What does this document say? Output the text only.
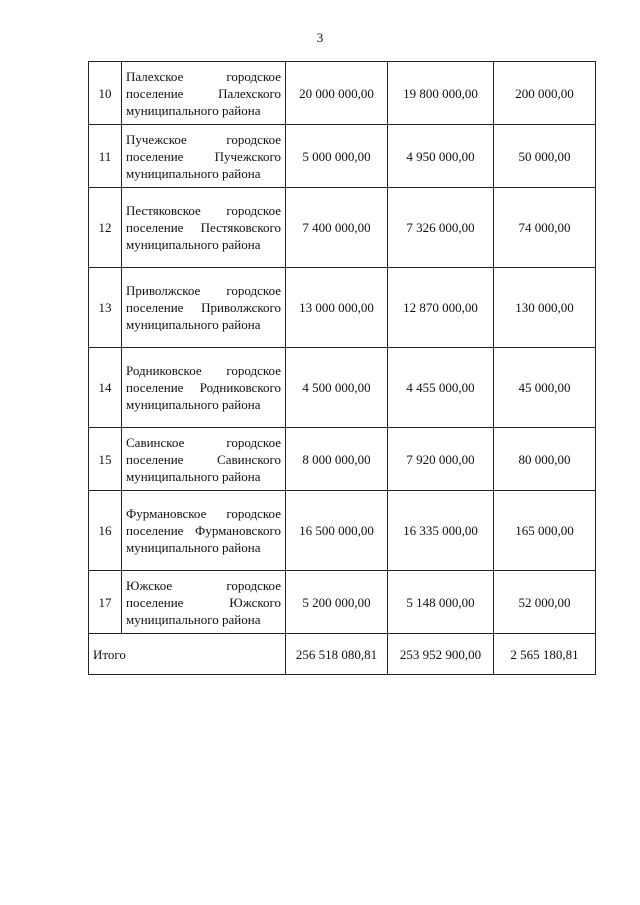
3
10	Палехское городское поселение Палехского муниципального района	20 000 000,00	19 800 000,00	200 000,00
11	Пучежское городское поселение Пучежского муниципального района	5 000 000,00	4 950 000,00	50 000,00
12	Пестяковское городское поселение Пестяковского муниципального района	7 400 000,00	7 326 000,00	74 000,00
13	Приволжское городское поселение Приволжского муниципального района	13 000 000,00	12 870 000,00	130 000,00
14	Родниковское городское поселение Родниковского муниципального района	4 500 000,00	4 455 000,00	45 000,00
15	Савинское городское поселение Савинского муниципального района	8 000 000,00	7 920 000,00	80 000,00
16	Фурмановское городское поселение Фурмановского муниципального района	16 500 000,00	16 335 000,00	165 000,00
17	Южское городское поселение Южского муниципального района	5 200 000,00	5 148 000,00	52 000,00
Итого		256 518 080,81	253 952 900,00	2 565 180,81
